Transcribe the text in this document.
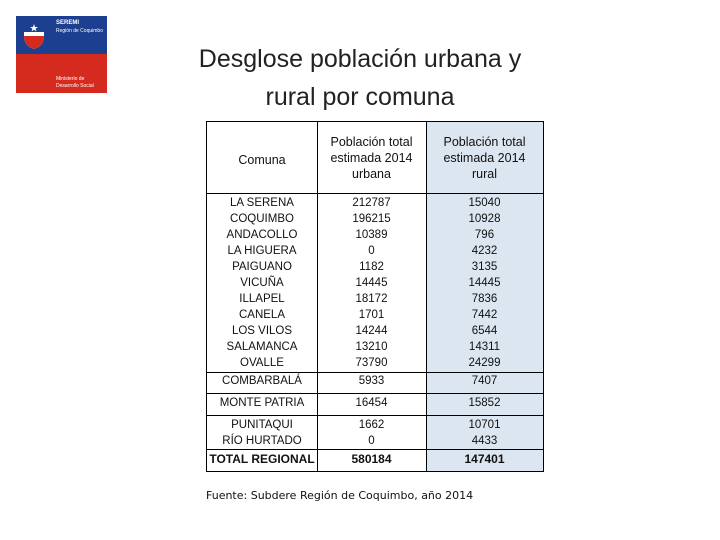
SEREMI
Región de Coquimbo
Ministerio de
Desarrollo Social
Desglose población urbana y
rural por comuna
LA SERENA
COQUIMBO
ANDACOLLO
LA HIGUERA
PAIGUANO
VICUÑA
ILLAPEL
CANELA
LOS VILOS
SALAMANCA
OVALLE
COMBARBALÁ
MONTE PATRIA
PUNITAQUI
RÍO HURTADO
TOTAL REGIONAL
212787
196215
10389
0
1182
14445
18172
1701
14244
13210
73790
5933
16454
1662
0
580184
15040
10928
796
4232
3135
14445
7836
7442
6544
14311
24299
7407
15852
10701
4433
147401
Comuna
Población total
estimada 2014
urbana
Población total
estimada 2014
rural
Fuente: Subdere Región de Coquimbo, año 2014
